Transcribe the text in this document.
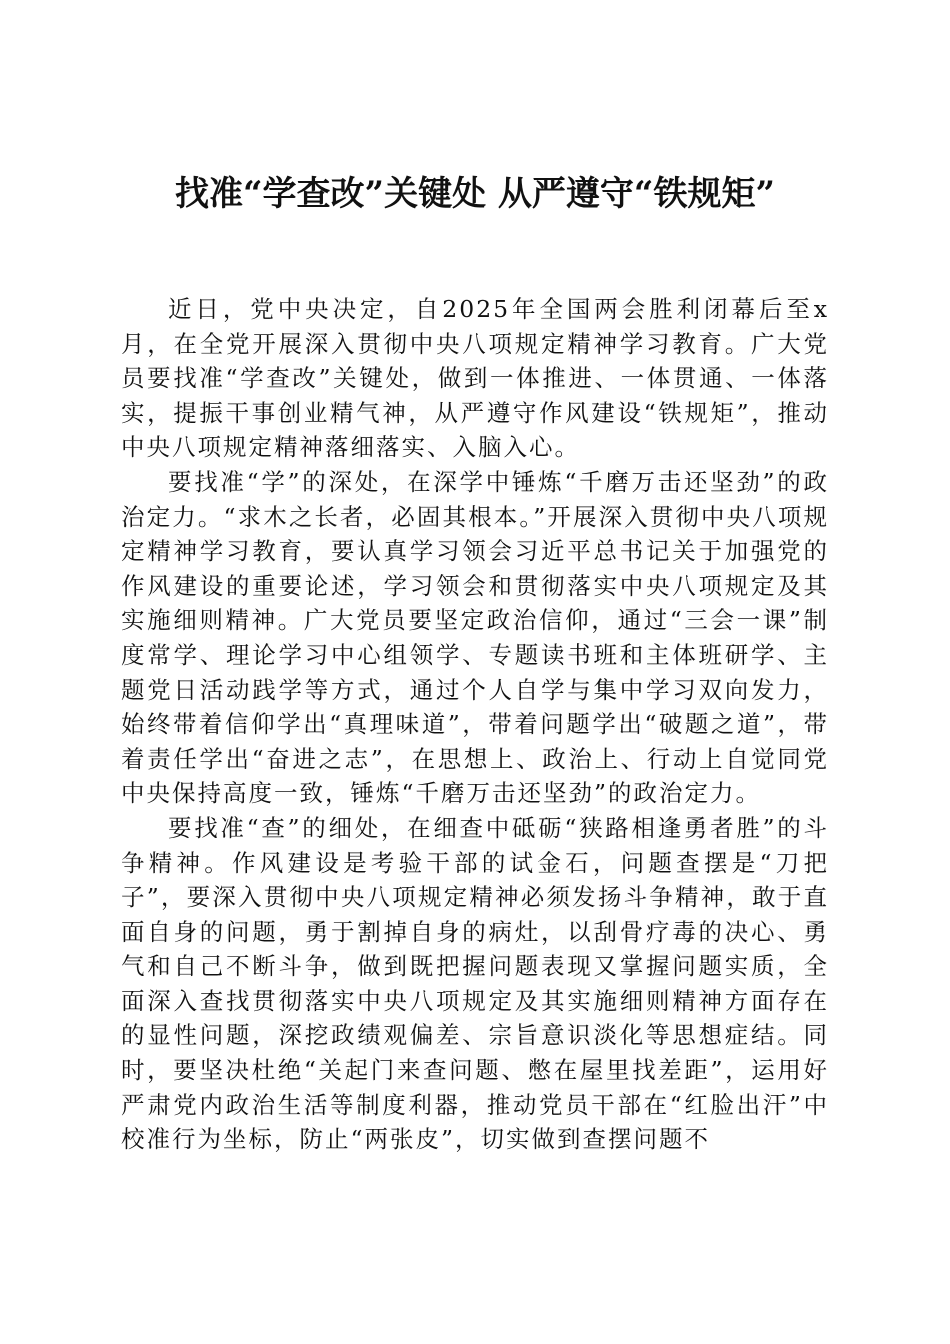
找准“学查改”关键处 从严遵守“铁规矩”

近日，党中央决定，自2025年全国两会胜利闭幕后至x月，在全党开展深入贯彻中央八项规定精神学习教育。广大党员要找准“学查改”关键处，做到一体推进、一体贯通、一体落实，提振干事创业精气神，从严遵守作风建设“铁规矩”，推动中央八项规定精神落细落实、入脑入心。

要找准“学”的深处，在深学中锤炼“千磨万击还坚劲”的政治定力。“求木之长者，必固其根本。”开展深入贯彻中央八项规定精神学习教育，要认真学习领会习近平总书记关于加强党的作风建设的重要论述，学习领会和贯彻落实中央八项规定及其实施细则精神。广大党员要坚定政治信仰，通过“三会一课”制度常学、理论学习中心组领学、专题读书班和主体班研学、主题党日活动践学等方式，通过个人自学与集中学习双向发力，始终带着信仰学出“真理味道”，带着问题学出“破题之道”，带着责任学出“奋进之志”，在思想上、政治上、行动上自觉同党中央保持高度一致，锤炼“千磨万击还坚劲”的政治定力。

要找准“查”的细处，在细查中砥砺“狭路相逢勇者胜”的斗争精神。作风建设是考验干部的试金石，问题查摆是“刀把子”，要深入贯彻中央八项规定精神必须发扬斗争精神，敢于直面自身的问题，勇于割掉自身的病灶，以刮骨疗毒的决心、勇气和自己不断斗争，做到既把握问题表现又掌握问题实质，全面深入查找贯彻落实中央八项规定及其实施细则精神方面存在的显性问题，深挖政绩观偏差、宗旨意识淡化等思想症结。同时，要坚决杜绝“关起门来查问题、憋在屋里找差距”，运用好严肃党内政治生活等制度利器，推动党员干部在“红脸出汗”中校准行为坐标，防止“两张皮”，切实做到查摆问题不
